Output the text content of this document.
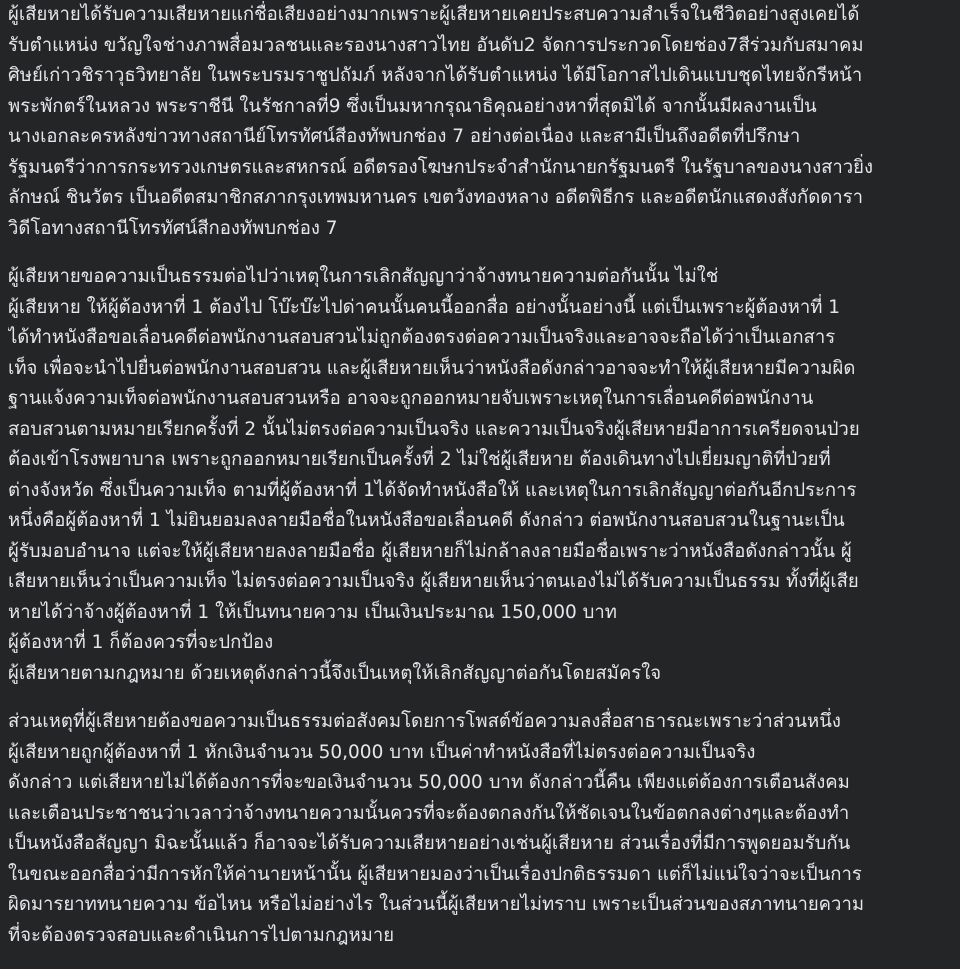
ผู้เสียหายได้รับความเสียหายแก่ชื่อเสียงอย่างมากเพราะผู้เสียหายเคยประสบความสำเร็จในชีวิตอย่างสูงเคยได้
รับตำแหน่ง ขวัญใจช่างภาพสื่อมวลชนและรองนางสาวไทย อันดับ2 จัดการประกวดโดยช่อง7สีร่วมกับสมาคม
ศิษย์เก่าวชิราวุธวิทยาลัย ในพระบรมราชูปถัมภ์ หลังจากได้รับตำแหน่ง ได้มีโอกาสไปเดินแบบชุดไทยจักรีหน้า
พระพักตร์ในหลวง พระราชีนี ในรัชกาลที่9 ซึ่งเป็นมหากรุณาธิคุณอย่างหาที่สุดมิได้ จากนั้นมีผลงานเป็น
นางเอกละครหลังข่าวทางสถานีย์โทรทัศน์สีองทัพบกช่อง 7 อย่างต่อเนื่อง และสามีเป็นถึงอดีตที่ปรึกษา
รัฐมนตรีว่าการกระทรวงเกษตรและสหกรณ์ อดีตรองโฆษกประจำสำนักนายกรัฐมนตรี ในรัฐบาลของนางสาวยิ่ง
ลักษณ์ ชินวัตร เป็นอดีตสมาชิกสภากรุงเทพมหานคร เขตวังทองหลาง อดีตพิธีกร และอดีตนักแสดงสังกัดดารา
วิดีโอทางสถานีโทรทัศน์สีกองทัพบกช่อง 7
ผู้เสียหายขอความเป็นธรรมต่อไปว่าเหตุในการเลิกสัญญาว่าจ้างทนายความต่อกันนั้น ไม่ใช่
ผู้เสียหาย ให้ผู้ต้องหาที่ 1 ต้องไป โบ๊ะบ๊ะไปด่าคนนั้นคนนี้ออกสื่อ อย่างนั้นอย่างนี้ แต่เป็นเพราะผู้ต้องหาที่ 1
ได้ทำหนังสือขอเลื่อนคดีต่อพนักงานสอบสวนไม่ถูกต้องตรงต่อความเป็นจริงและอาจจะถือได้ว่าเป็นเอกสาร
เท็จ เพื่อจะนำไปยื่นต่อพนักงานสอบสวน และผู้เสียหายเห็นว่าหนังสือดังกล่าวอาจจะทำให้ผู้เสียหายมีความผิด
ฐานแจ้งความเท็จต่อพนักงานสอบสวนหรือ อาจจะถูกออกหมายจับเพราะเหตุในการเลื่อนคดีต่อพนักงาน
สอบสวนตามหมายเรียกครั้งที่ 2 นั้นไม่ตรงต่อความเป็นจริง และความเป็นจริงผู้เสียหายมีอาการเครียดจนป่วย
ต้องเข้าโรงพยาบาล เพราะถูกออกหมายเรียกเป็นครั้งที่ 2 ไม่ใช่ผู้เสียหาย ต้องเดินทางไปเยี่ยมญาติที่ป่วยที่
ต่างจังหวัด ซึ่งเป็นความเท็จ ตามที่ผู้ต้องหาที่ 1ได้จัดทำหนังสือให้ และเหตุในการเลิกสัญญาต่อกันอีกประการ
หนึ่งคือผู้ต้องหาที่ 1 ไม่ยินยอมลงลายมือชื่อในหนังสือขอเลื่อนคดี ดังกล่าว ต่อพนักงานสอบสวนในฐานะเป็น
ผู้รับมอบอำนาจ แต่จะให้ผู้เสียหายลงลายมือชื่อ ผู้เสียหายก็ไม่กล้าลงลายมือชื่อเพราะว่าหนังสือดังกล่าวนั้น ผู้
เสียหายเห็นว่าเป็นความเท็จ ไม่ตรงต่อความเป็นจริง ผู้เสียหายเห็นว่าตนเองไม่ได้รับความเป็นธรรม ทั้งที่ผู้เสีย
หายได้ว่าจ้างผู้ต้องหาที่ 1 ให้เป็นทนายความ เป็นเงินประมาณ 150,000 บาท
ผู้ต้องหาที่ 1 ก็ต้องควรที่จะปกป้อง
ผู้เสียหายตามกฎหมาย ด้วยเหตุดังกล่าวนี้จึงเป็นเหตุให้เลิกสัญญาต่อกันโดยสมัครใจ
ส่วนเหตุที่ผู้เสียหายต้องขอความเป็นธรรมต่อสังคมโดยการโพสต์ข้อความลงสื่อสาธารณะเพราะว่าส่วนหนึ่ง
ผู้เสียหายถูกผู้ต้องหาที่ 1 หักเงินจำนวน 50,000 บาท เป็นค่าทำหนังสือที่ไม่ตรงต่อความเป็นจริง
ดังกล่าว แต่เสียหายไม่ได้ต้องการที่จะขอเงินจำนวน 50,000 บาท ดังกล่าวนี้คืน เพียงแต่ต้องการเตือนสังคม
และเตือนประชาชนว่าเวลาว่าจ้างทนายความนั้นควรที่จะต้องตกลงกันให้ชัดเจนในข้อตกลงต่างๆและต้องทำ
เป็นหนังสือสัญญา มิฉะนั้นแล้ว ก็อาจจะได้รับความเสียหายอย่างเช่นผู้เสียหาย ส่วนเรื่องที่มีการพูดยอมรับกัน
ในขณะออกสื่อว่ามีการหักให้ค่านายหน้านั้น ผู้เสียหายมองว่าเป็นเรื่องปกติธรรมดา แต่ก็ไม่แน่ใจว่าจะเป็นการ
ผิดมารยาททนายความ ข้อไหน หรือไม่อย่างไร ในส่วนนี้ผู้เสียหายไม่ทราบ เพราะเป็นส่วนของสภาทนายความ
ที่จะต้องตรวจสอบและดำเนินการไปตามกฎหมาย
